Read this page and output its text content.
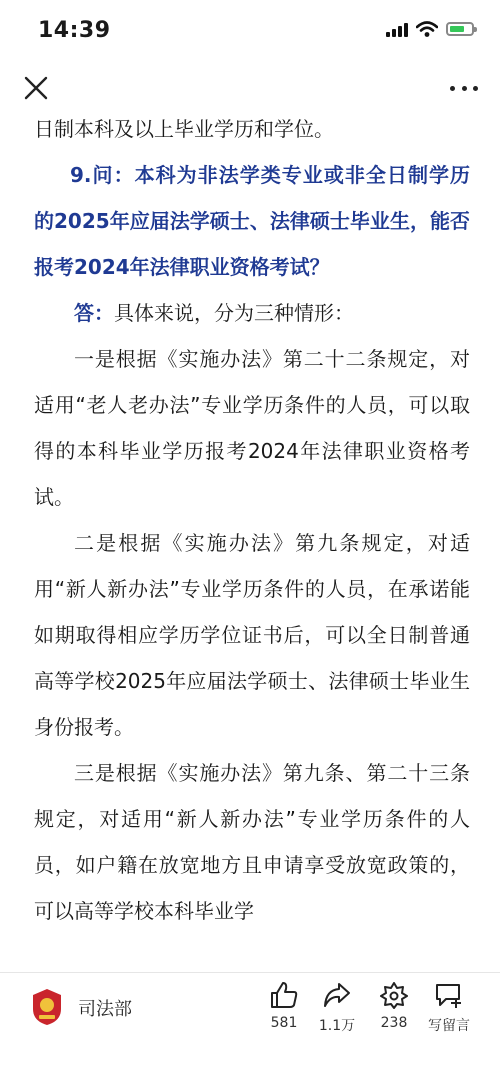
14:39

日制本科及以上毕业学历和学位。

9.问：本科为非法学类专业或非全日制学历的2025年应届法学硕士、法律硕士毕业生，能否报考2024年法律职业资格考试？

答：具体来说，分为三种情形：

一是根据《实施办法》第二十二条规定，对适用“老人老办法”专业学历条件的人员，可以取得的本科毕业学历报考2024年法律职业资格考试。

二是根据《实施办法》第九条规定，对适用“新人新办法”专业学历条件的人员，在承诺能如期取得相应学历学位证书后，可以全日制普通高等学校2025年应届法学硕士、法律硕士毕业生身份报考。

三是根据《实施办法》第九条、第二十三条规定，对适用“新人新办法”专业学历条件的人员，如户籍在放宽地方且申请享受放宽政策的，可以高等学校本科毕业学

司法部
581	1.1万	238	写留言
